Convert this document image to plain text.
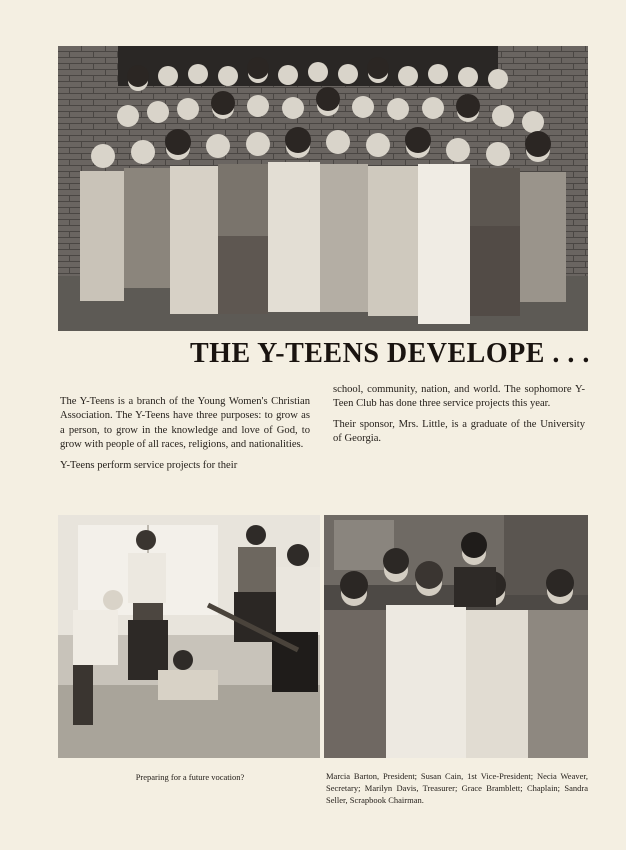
THE Y-TEENS DEVELOPE . . .

The Y-Teens is a branch of the Young Women's Christian Association. The Y-Teens have three purposes: to grow as a person, to grow in the knowledge and love of God, to grow with people of all races, religions, and nationalities.

Y-Teens perform service projects for their

school, community, nation, and world. The sophomore Y-Teen Club has done three service projects this year.

Their sponsor, Mrs. Little, is a graduate of the University of Georgia.

Preparing for a future vocation?	Marcia Barton, President; Susan Cain, 1st Vice-President; Necia Weaver, Secretary; Marilyn Davis, Treasurer; Grace Bramblett; Chaplain; Sandra Seller, Scrapbook Chairman.
